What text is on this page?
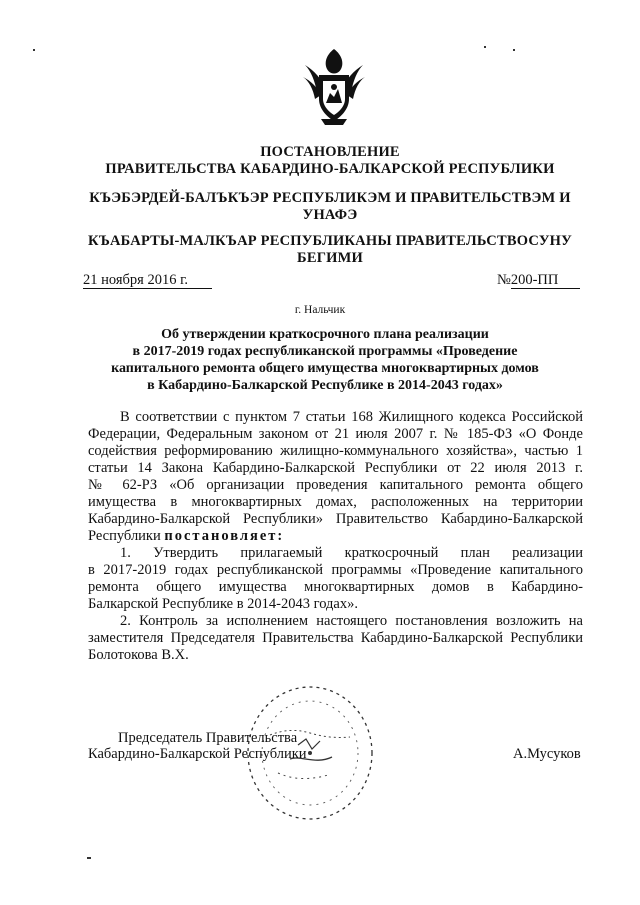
ПОСТАНОВЛЕНИЕ
ПРАВИТЕЛЬСТВА КАБАРДИНО-БАЛКАРСКОЙ РЕСПУБЛИКИ
КЪЭБЭРДЕЙ-БАЛЪКЪЭР РЕСПУБЛИКЭМ И ПРАВИТЕЛЬСТВЭМ И
УНАФЭ
КЪАБАРТЫ-МАЛКЪАР РЕСПУБЛИКАНЫ ПРАВИТЕЛЬСТВОСУНУ
БЕГИМИ
21 ноября 2016 г.	№200-ПП
г. Нальчик
Об утверждении краткосрочного плана реализации
в 2017-2019 годах республиканской программы «Проведение
капитального ремонта общего имущества многоквартирных домов
в Кабардино-Балкарской Республике в 2014-2043 годах»
В соответствии с пунктом 7 статьи 168 Жилищного кодекса Российской
Федерации, Федеральным законом от 21 июля 2007 г. № 185-ФЗ «О Фонде
содействия реформированию жилищно-коммунального хозяйства», частью 1
статьи 14 Закона Кабардино-Балкарской Республики от 22 июля 2013 г.
№ 62-РЗ «Об организации проведения капитального ремонта общего
имущества в многоквартирных домах, расположенных на территории
Кабардино-Балкарской Республики» Правительство Кабардино-Балкарской
Республики постановляет:
1. Утвердить прилагаемый краткосрочный план реализации
в 2017-2019 годах республиканской программы «Проведение капитального
ремонта общего имущества многоквартирных домов в Кабардино-
Балкарской Республике в 2014-2043 годах».
2. Контроль за исполнением настоящего постановления возложить на
заместителя Председателя Правительства Кабардино-Балкарской Республики
Болотокова В.Х.
Председатель Правительства
Кабардино-Балкарской Республики	А.Мусуков
